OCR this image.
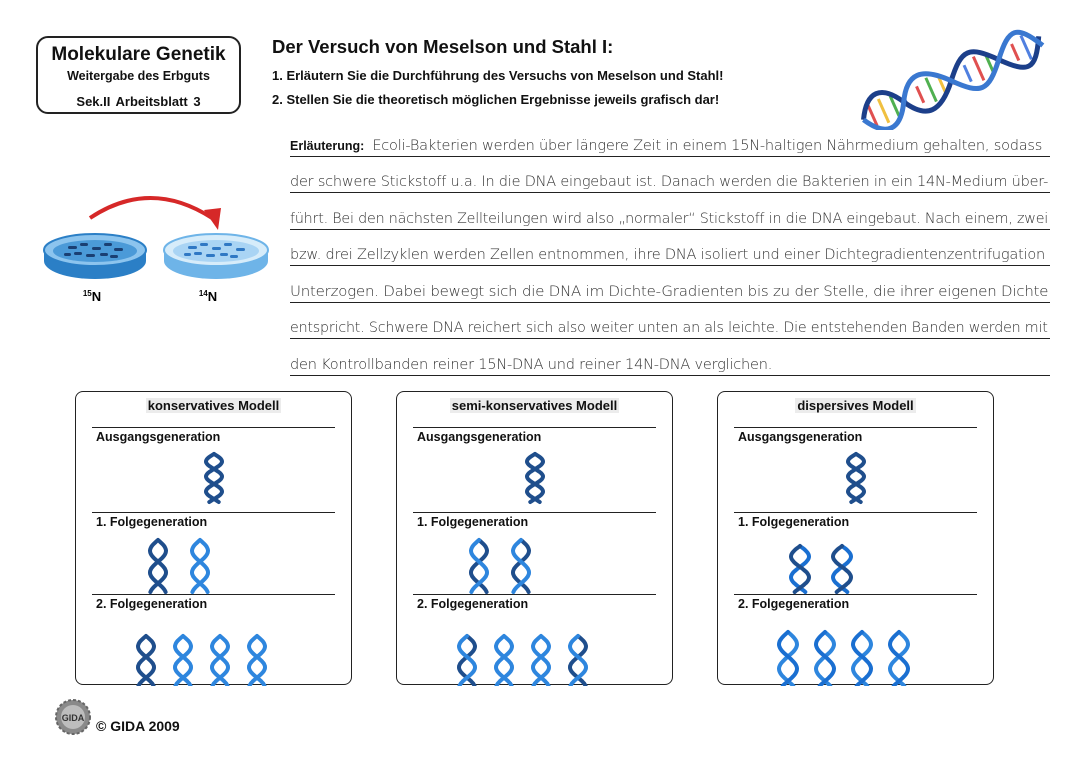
Molekulare Genetik
Weitergabe des Erbguts
Sek.II Arbeitsblatt 3
Der Versuch von Meselson und Stahl I:
1. Erläutern Sie die Durchführung des Versuchs von Meselson und Stahl!
2. Stellen Sie die theoretisch möglichen Ergebnisse jeweils grafisch dar!
$^{15}_N$	$^{14}_N$
Erläuterung: Ecoli-Bakterien werden über längere Zeit in einem 15N-haltigen Nährmedium gehalten, sodass
der schwere Stickstoff u.a. In die DNA eingebaut ist. Danach werden die Bakterien in ein 14N-Medium über-
führt. Bei den nächsten Zellteilungen wird also „normaler“ Stickstoff in die DNA eingebaut. Nach einem, zwei
bzw. drei Zellzyklen werden Zellen entnommen, ihre DNA isoliert und einer Dichtegradientenzentrifugation
Unterzogen. Dabei bewegt sich die DNA im Dichte-Gradienten bis zu der Stelle, die ihrer eigenen Dichte
entspricht. Schwere DNA reichert sich also weiter unten an als leichte. Die entstehenden Banden werden mit
den Kontrollbanden reiner 15N-DNA und reiner 14N-DNA verglichen.
konservatives Modell
Ausgangsgeneration
1. Folgegeneration
2. Folgegeneration
semi-konservatives Modell
Ausgangsgeneration
1. Folgegeneration
2. Folgegeneration
dispersives Modell
Ausgangsgeneration
1. Folgegeneration
2. Folgegeneration
GIDA © GIDA 2009
